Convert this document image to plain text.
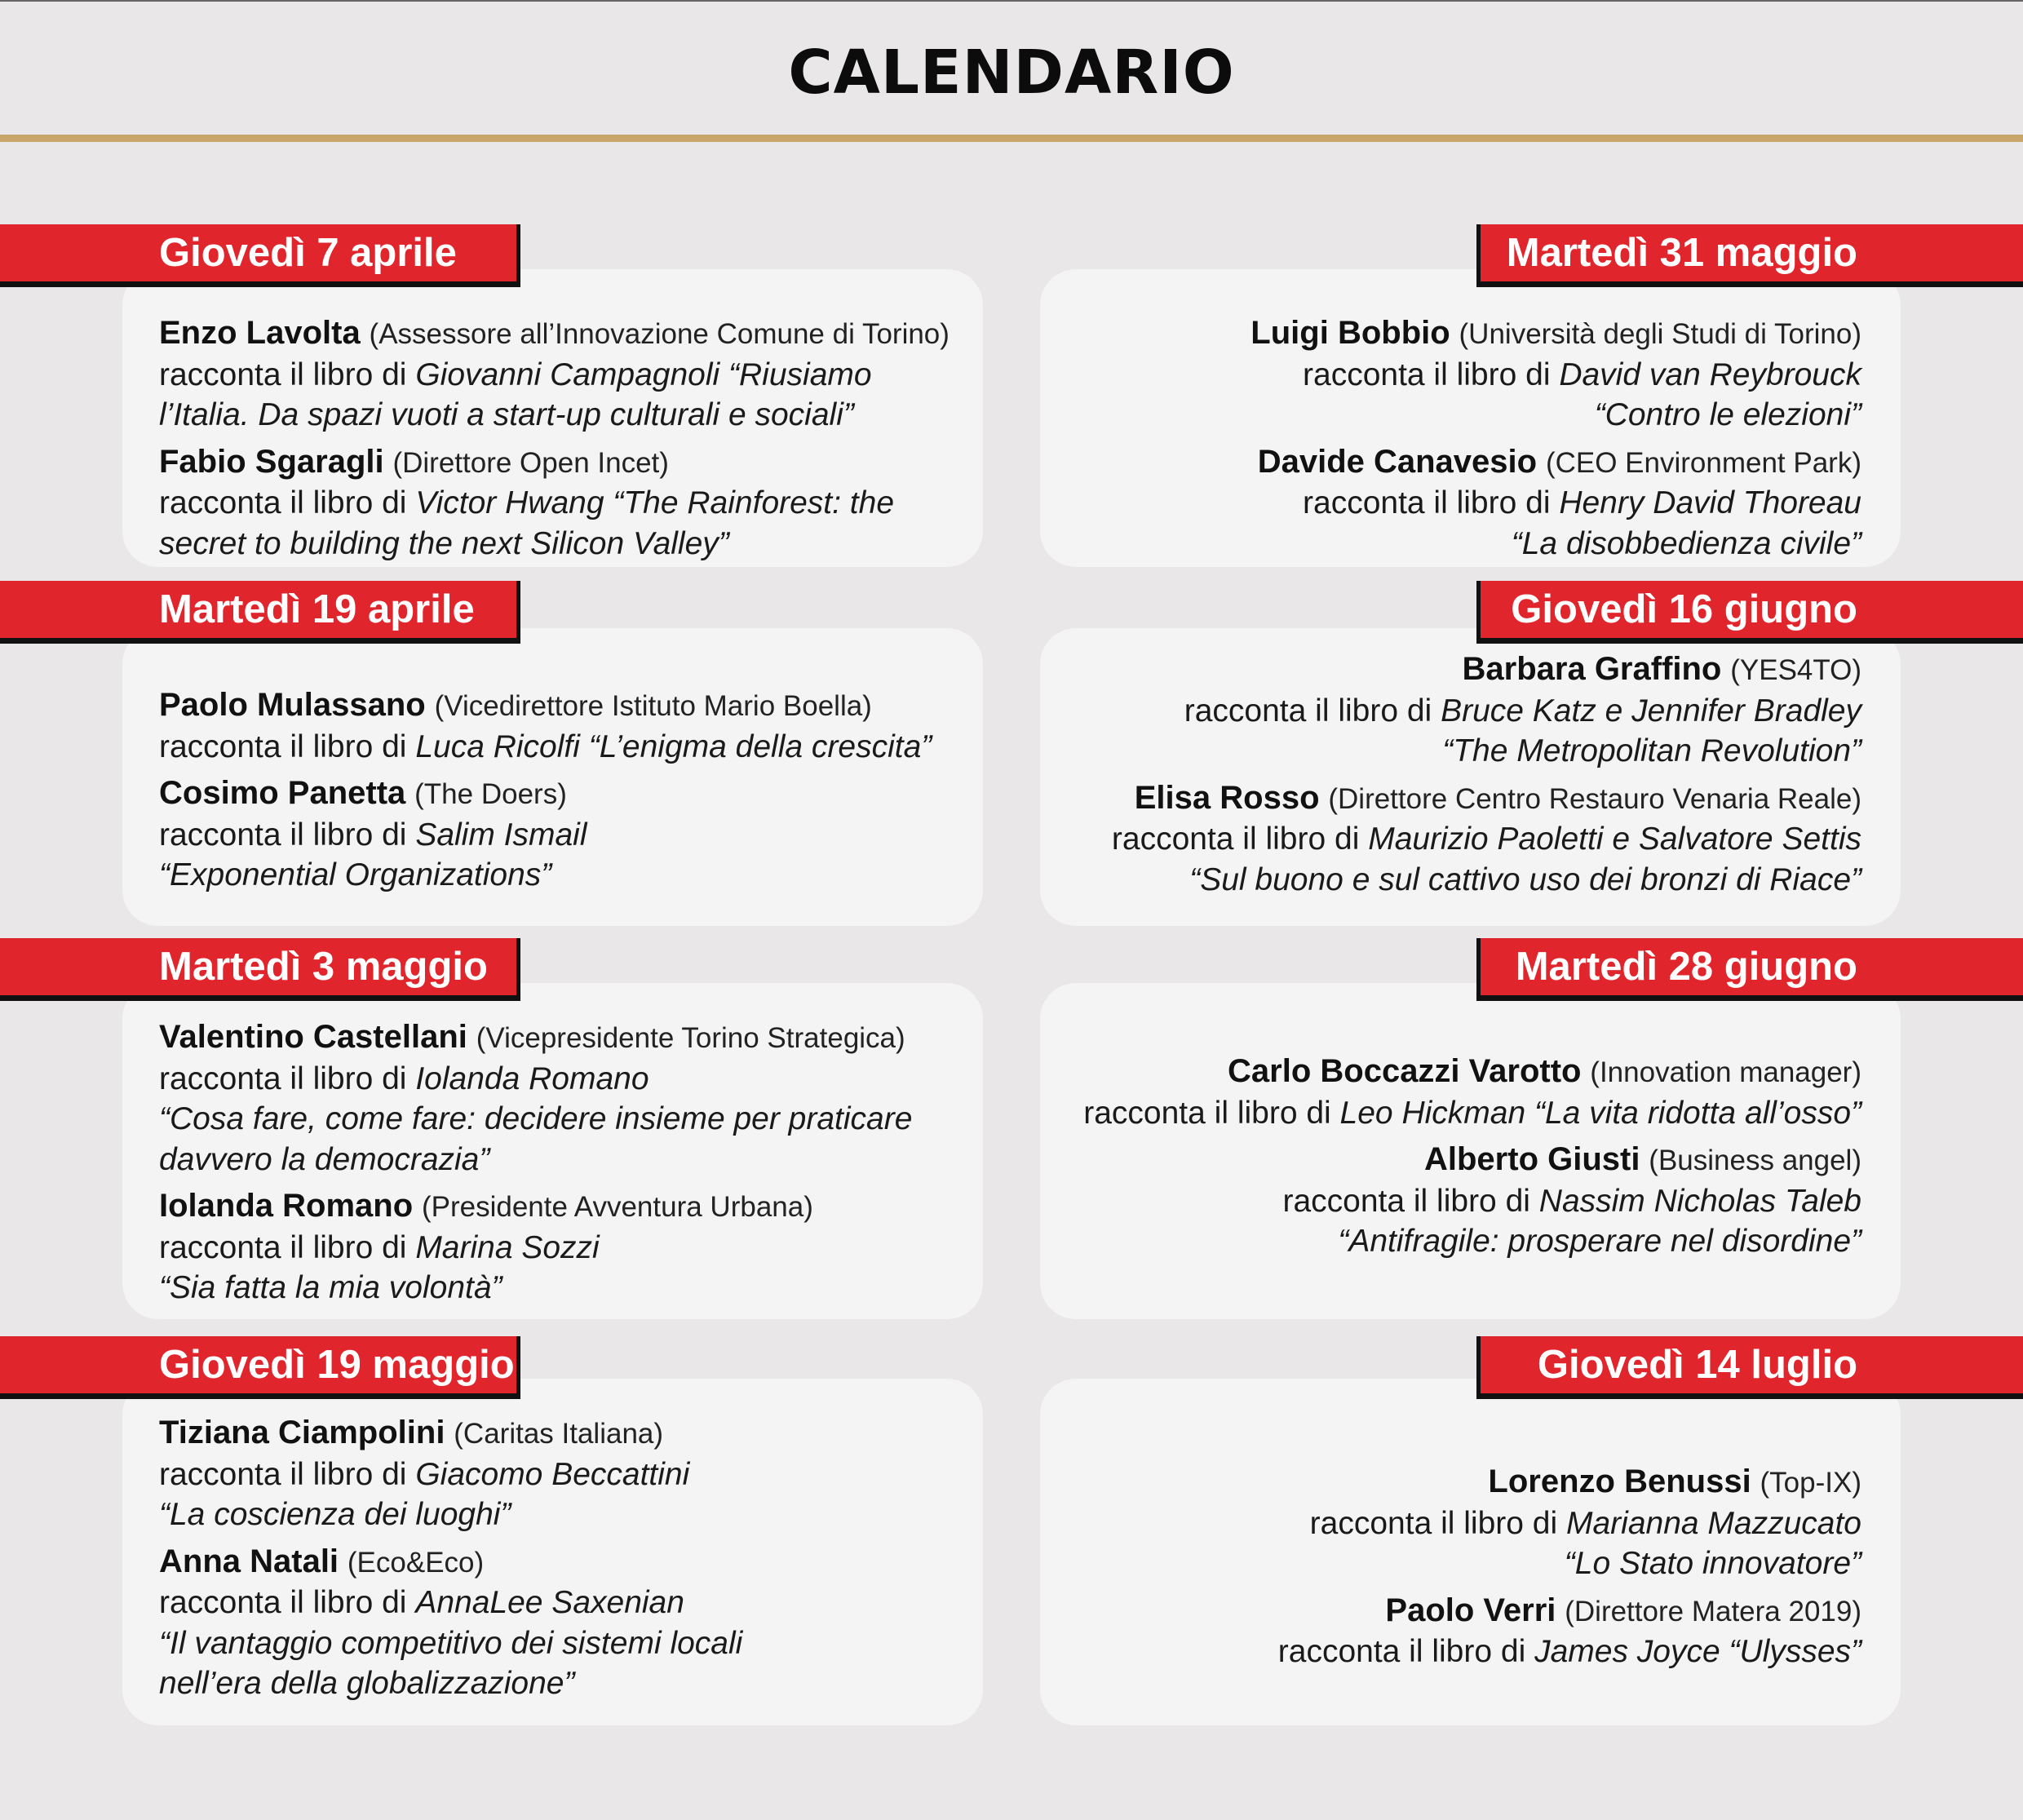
CALENDARIO
Enzo Lavolta (Assessore all’Innovazione Comune di Torino)
racconta il libro di Giovanni Campagnoli “Riusiamo
l’Italia. Da spazi vuoti a start-up culturali e sociali”
Fabio Sgaragli (Direttore Open Incet)
racconta il libro di Victor Hwang “The Rainforest: the
secret to building the next Silicon Valley”
Giovedì 7 aprile
Paolo Mulassano (Vicedirettore Istituto Mario Boella)
racconta il libro di Luca Ricolfi “L’enigma della crescita”
Cosimo Panetta (The Doers)
racconta il libro di Salim Ismail
“Exponential Organizations”
Martedì 19 aprile
Valentino Castellani (Vicepresidente Torino Strategica)
racconta il libro di Iolanda Romano
“Cosa fare, come fare: decidere insieme per praticare
davvero la democrazia”
Iolanda Romano (Presidente Avventura Urbana)
racconta il libro di Marina Sozzi
“Sia fatta la mia volontà”
Martedì 3 maggio
Tiziana Ciampolini (Caritas Italiana)
racconta il libro di Giacomo Beccattini
“La coscienza dei luoghi”
Anna Natali (Eco&Eco)
racconta il libro di AnnaLee Saxenian
“Il vantaggio competitivo dei sistemi locali
nell’era della globalizzazione”
Giovedì 19 maggio
Luigi Bobbio (Università degli Studi di Torino)
racconta il libro di David van Reybrouck
“Contro le elezioni”
Davide Canavesio (CEO Environment Park)
racconta il libro di Henry David Thoreau
“La disobbedienza civile”
Martedì 31 maggio
Barbara Graffino (YES4TO)
racconta il libro di Bruce Katz e Jennifer Bradley
“The Metropolitan Revolution”
Elisa Rosso (Direttore Centro Restauro Venaria Reale)
racconta il libro di Maurizio Paoletti e Salvatore Settis
“Sul buono e sul cattivo uso dei bronzi di Riace”
Giovedì 16 giugno
Carlo Boccazzi Varotto (Innovation manager)
racconta il libro di Leo Hickman “La vita ridotta all’osso”
Alberto Giusti (Business angel)
racconta il libro di Nassim Nicholas Taleb
“Antifragile: prosperare nel disordine”
Martedì 28 giugno
Lorenzo Benussi (Top-IX)
racconta il libro di Marianna Mazzucato
“Lo Stato innovatore”
Paolo Verri (Direttore Matera 2019)
racconta il libro di James Joyce “Ulysses”
Giovedì 14 luglio
